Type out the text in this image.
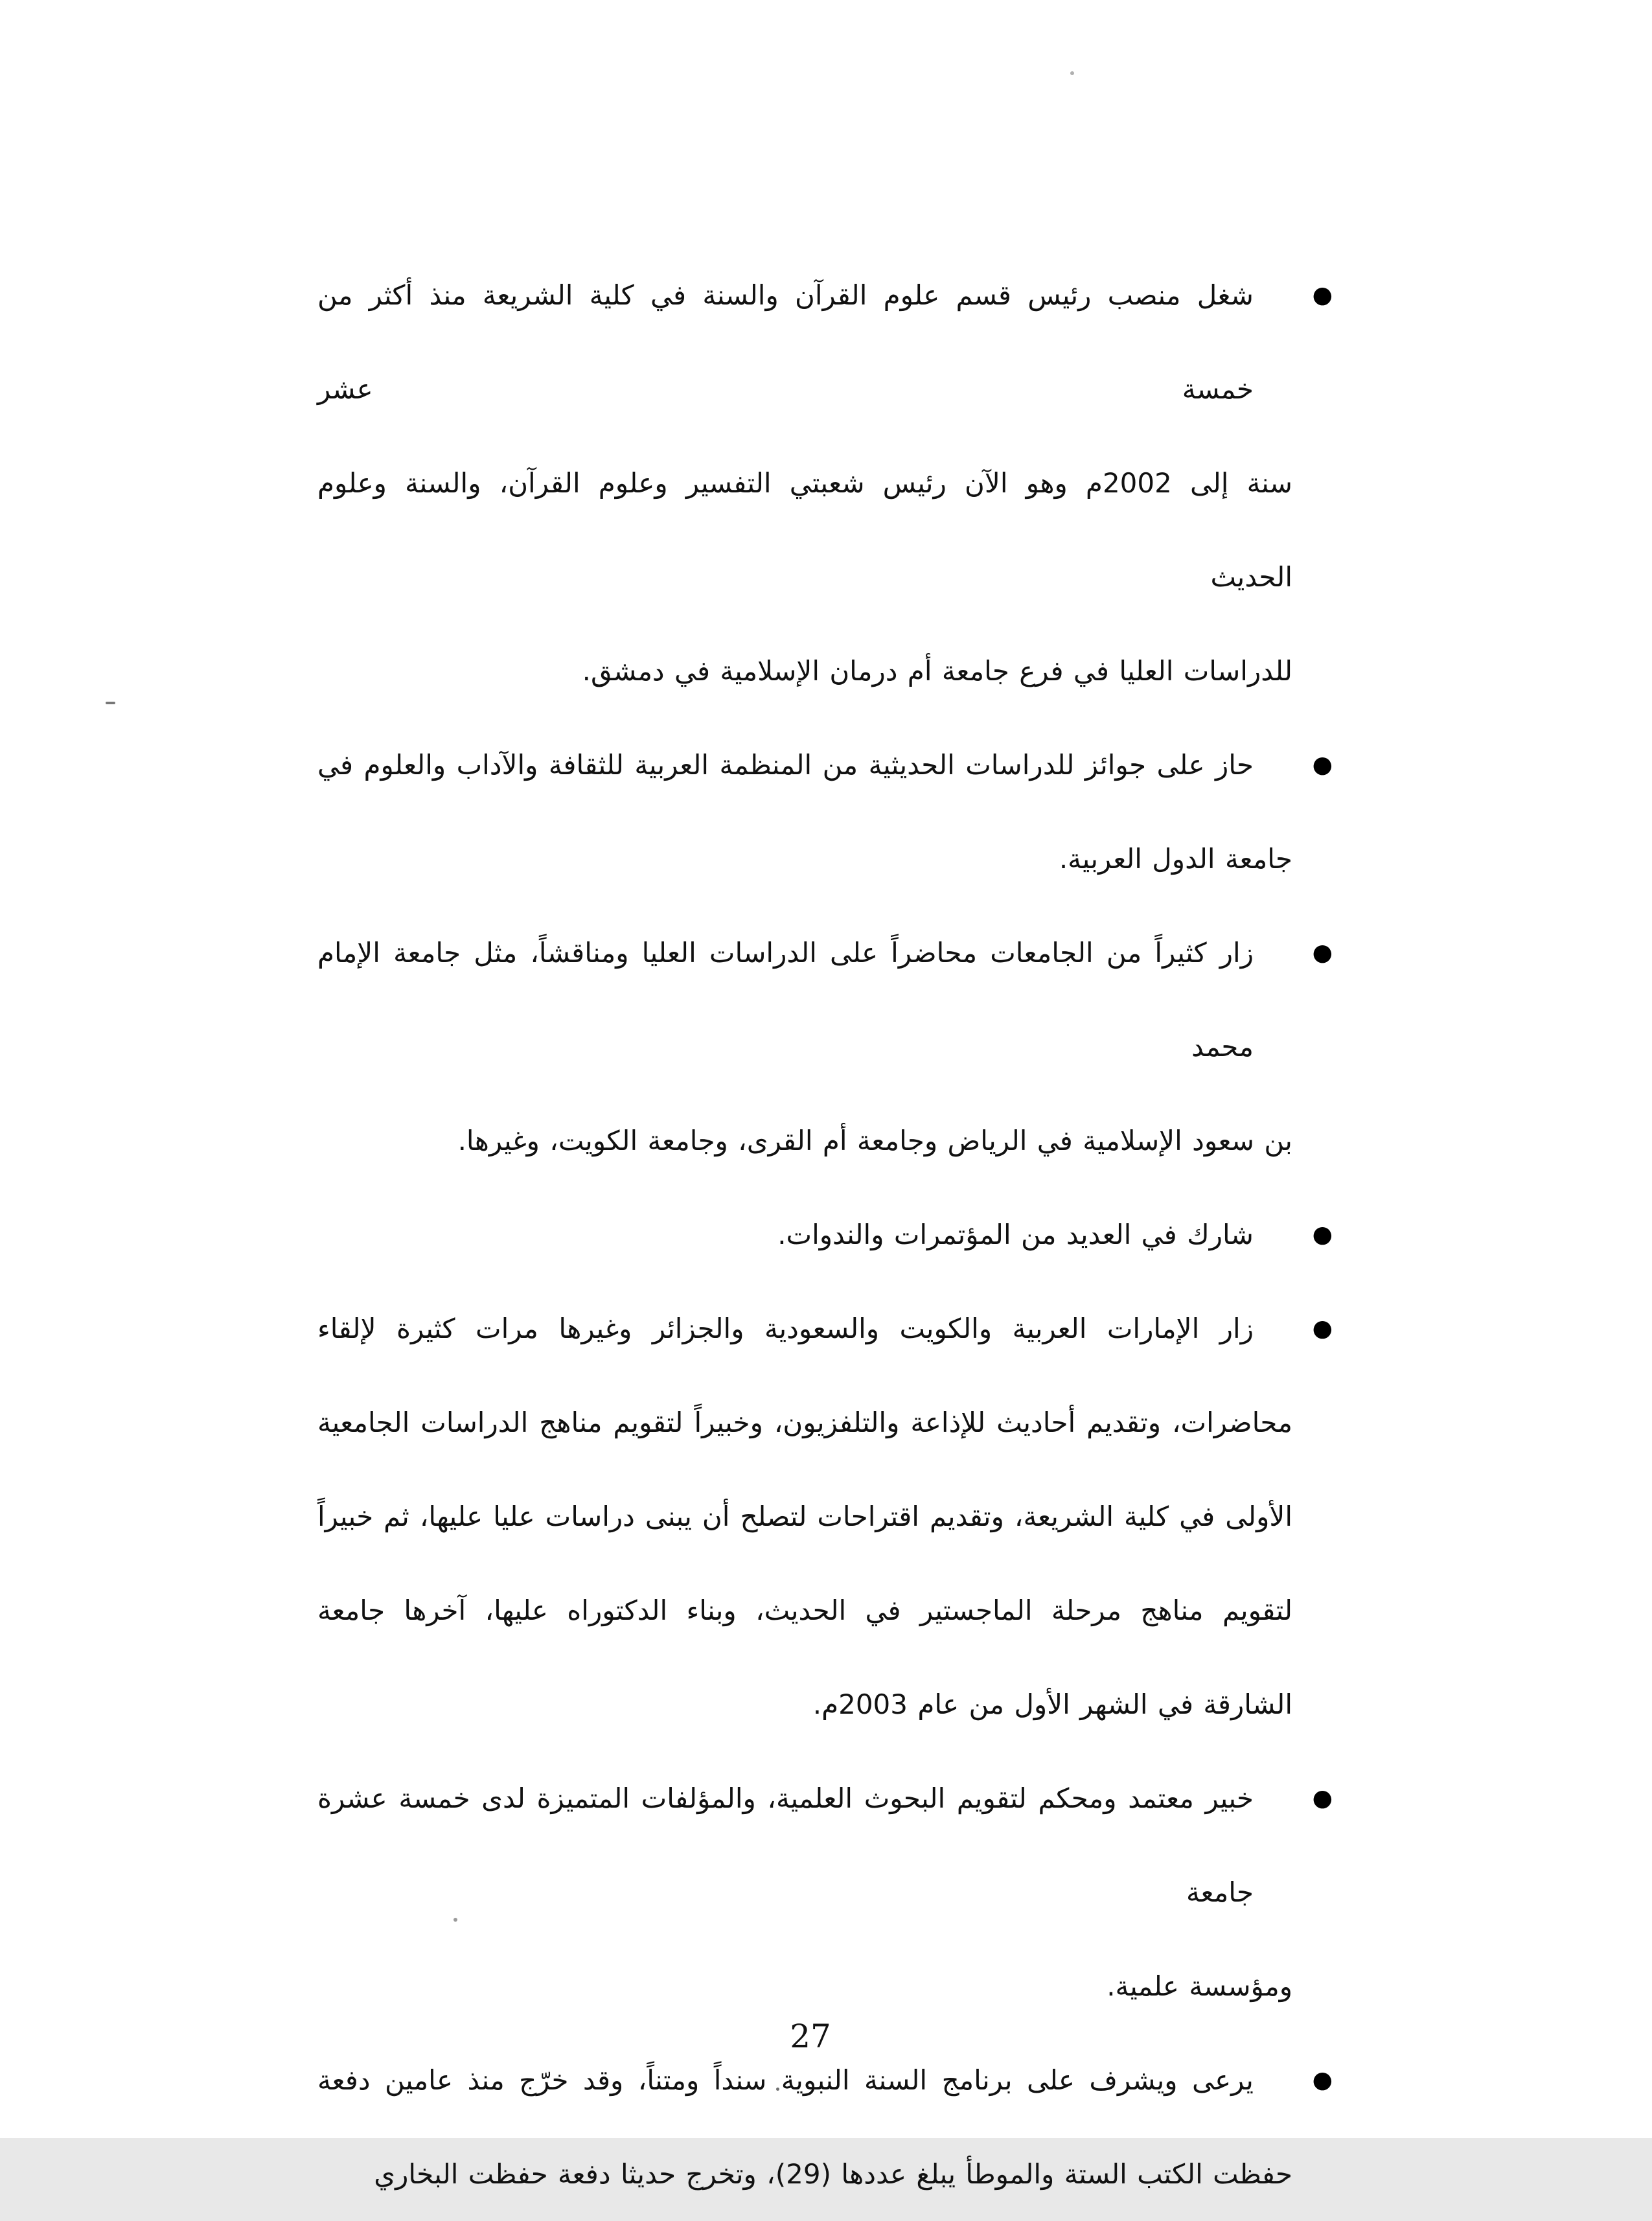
●
شغل منصب رئيس قسم علوم القرآن والسنة في كلية الشريعة منذ أكثر من خمسة عشر
سنة إلى 2002م وهو الآن رئيس شعبتي التفسير وعلوم القرآن، والسنة وعلوم الحديث
للدراسات العليا في فرع جامعة أم درمان الإسلامية في دمشق.
●
حاز على جوائز للدراسات الحديثية من المنظمة العربية للثقافة والآداب والعلوم في
جامعة الدول العربية.
●
زار كثيراً من الجامعات محاضراً على الدراسات العليا ومناقشاً، مثل جامعة الإمام محمد
بن سعود الإسلامية في الرياض وجامعة أم القرى، وجامعة الكويت، وغيرها.
●
شارك في العديد من المؤتمرات والندوات.
●
زار الإمارات العربية والكويت والسعودية والجزائر وغيرها مرات كثيرة لإلقاء
محاضرات، وتقديم أحاديث للإذاعة والتلفزيون، وخبيراً لتقويم مناهج الدراسات الجامعية
الأولى في كلية الشريعة، وتقديم اقتراحات لتصلح أن يبنى دراسات عليا عليها، ثم خبيراً
لتقويم مناهج مرحلة الماجستير في الحديث، وبناء الدكتوراه عليها، آخرها جامعة
الشارقة في الشهر الأول من عام 2003م.
●
خبير معتمد ومحكم لتقويم البحوث العلمية، والمؤلفات المتميزة لدى خمسة عشرة جامعة
ومؤسسة علمية.
●
يرعى ويشرف على برنامج السنة النبوية سنداً ومتناً، وقد خرّج منذ عامين دفعة
حفظت الكتب الستة والموطأ يبلغ عددها (29)، وتخرج حديثا دفعة حفظت البخاري
27
